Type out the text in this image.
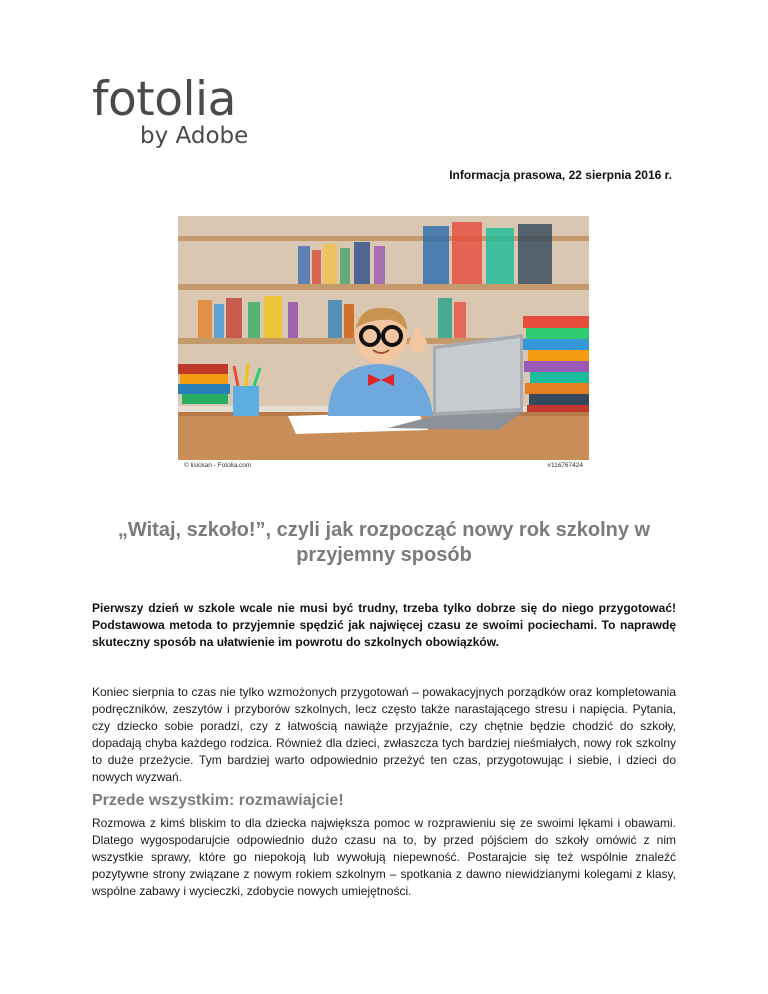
fotolia
by Adobe
Informacja prasowa, 22 sierpnia 2016 r.
© lisickan - Fotolia.com	#116767424
„Witaj, szkoło!”, czyli jak rozpocząć nowy rok szkolny w przyjemny sposób

Pierwszy dzień w szkole wcale nie musi być trudny, trzeba tylko dobrze się do niego przygotować! Podstawowa metoda to przyjemnie spędzić jak najwięcej czasu ze swoimi pociechami. To naprawdę skuteczny sposób na ułatwienie im powrotu do szkolnych obowiązków.

Koniec sierpnia to czas nie tylko wzmożonych przygotowań – powakacyjnych porządków oraz kompletowania podręczników, zeszytów i przyborów szkolnych, lecz często także narastającego stresu i napięcia. Pytania, czy dziecko sobie poradzi, czy z łatwością nawiąże przyjaźnie, czy chętnie będzie chodzić do szkoły, dopadają chyba każdego rodzica. Również dla dzieci, zwłaszcza tych bardziej nieśmiałych, nowy rok szkolny to duże przeżycie. Tym bardziej warto odpowiednio przeżyć ten czas, przygotowując i siebie, i dzieci do nowych wyzwań.

Przede wszystkim: rozmawiajcie!

Rozmowa z kimś bliskim to dla dziecka największa pomoc w rozprawieniu się ze swoimi lękami i obawami. Dlatego wygospodarujcie odpowiednio dużo czasu na to, by przed pójściem do szkoły omówić z nim wszystkie sprawy, które go niepokoją lub wywołują niepewność. Postarajcie się też wspólnie znaleźć pozytywne strony związane z nowym rokiem szkolnym – spotkania z dawno niewidzianymi kolegami z klasy, wspólne zabawy i wycieczki, zdobycie nowych umiejętności.
